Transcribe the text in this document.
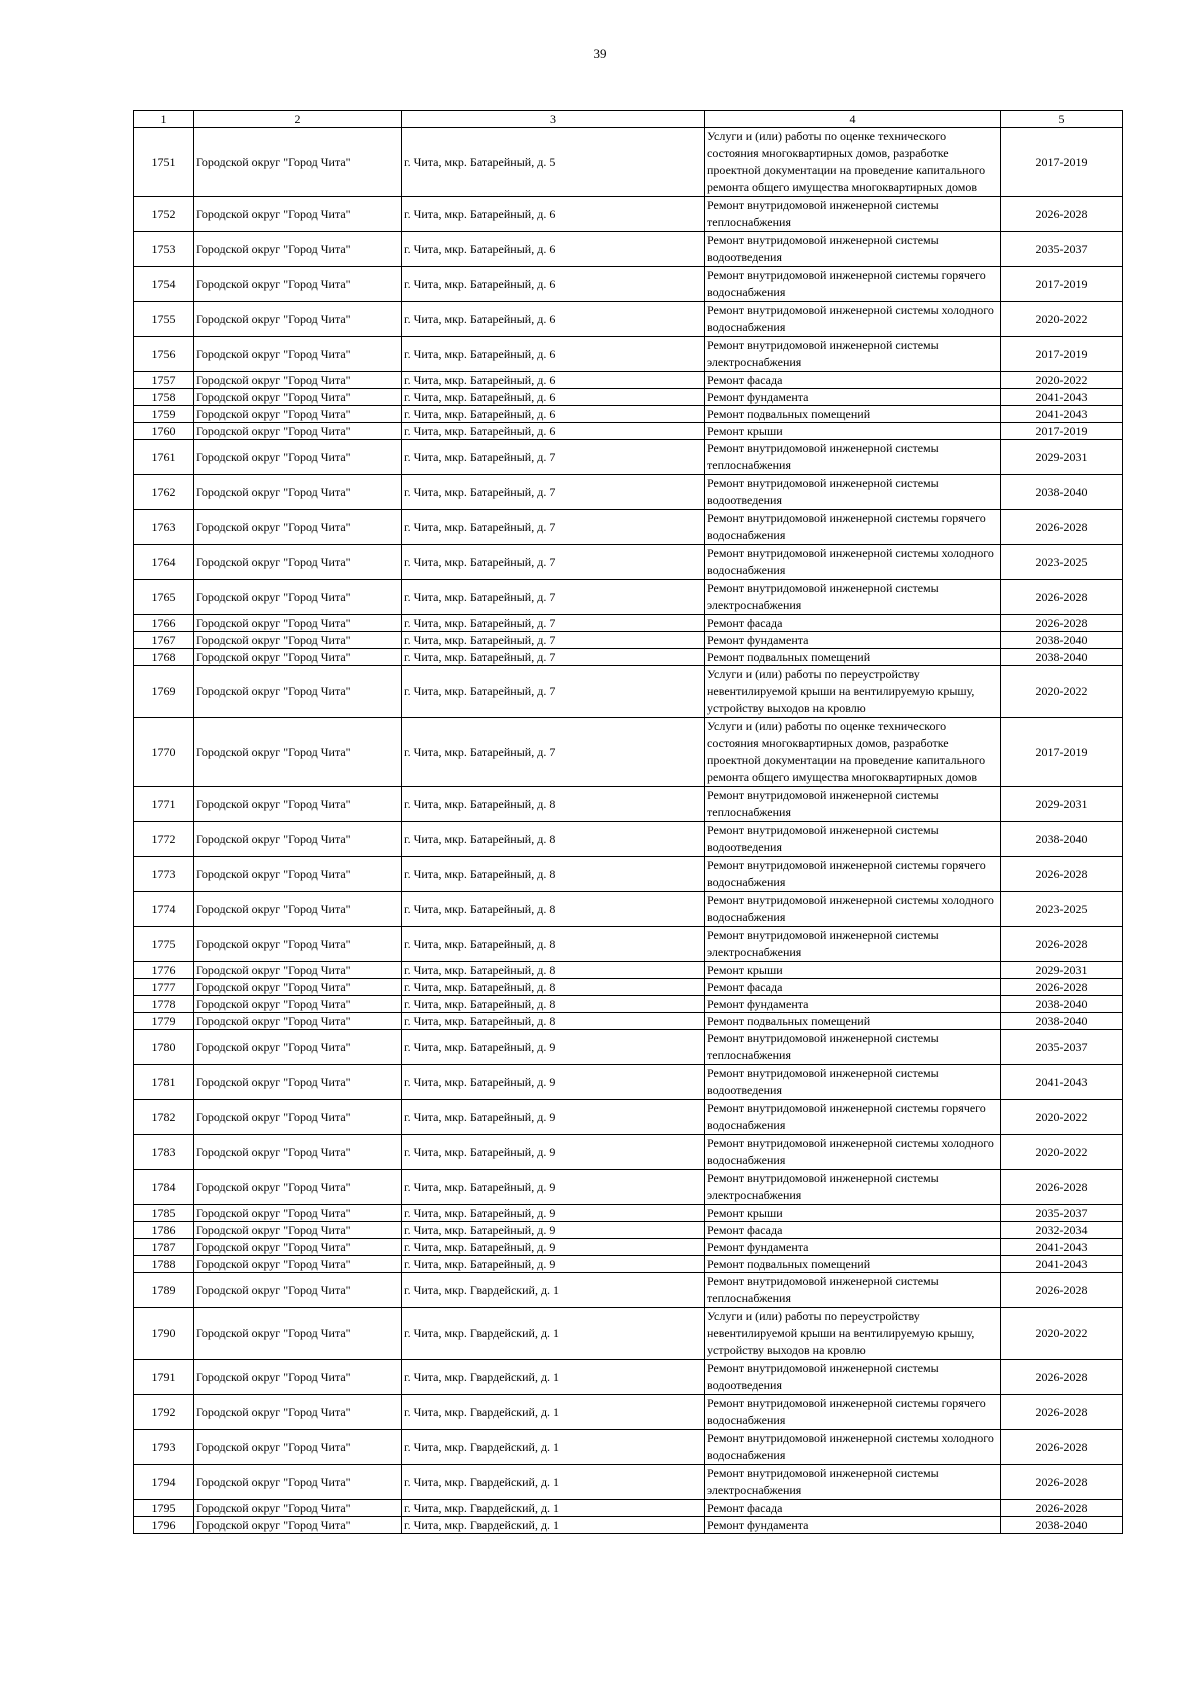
39
1	2	3	4	5
1751	Городской округ "Город Чита"	г. Чита, мкр. Батарейный, д. 5	Услуги и (или) работы по оценке технического состояния многоквартирных домов, разработке проектной документации на проведение капитального ремонта общего имущества многоквартирных домов	2017-2019
1752	Городской округ "Город Чита"	г. Чита, мкр. Батарейный, д. 6	Ремонт внутридомовой инженерной системы теплоснабжения	2026-2028
1753	Городской округ "Город Чита"	г. Чита, мкр. Батарейный, д. 6	Ремонт внутридомовой инженерной системы водоотведения	2035-2037
1754	Городской округ "Город Чита"	г. Чита, мкр. Батарейный, д. 6	Ремонт внутридомовой инженерной системы горячего водоснабжения	2017-2019
1755	Городской округ "Город Чита"	г. Чита, мкр. Батарейный, д. 6	Ремонт внутридомовой инженерной системы холодного водоснабжения	2020-2022
1756	Городской округ "Город Чита"	г. Чита, мкр. Батарейный, д. 6	Ремонт внутридомовой инженерной системы электроснабжения	2017-2019
1757	Городской округ "Город Чита"	г. Чита, мкр. Батарейный, д. 6	Ремонт фасада	2020-2022
1758	Городской округ "Город Чита"	г. Чита, мкр. Батарейный, д. 6	Ремонт фундамента	2041-2043
1759	Городской округ "Город Чита"	г. Чита, мкр. Батарейный, д. 6	Ремонт подвальных помещений	2041-2043
1760	Городской округ "Город Чита"	г. Чита, мкр. Батарейный, д. 6	Ремонт крыши	2017-2019
1761	Городской округ "Город Чита"	г. Чита, мкр. Батарейный, д. 7	Ремонт внутридомовой инженерной системы теплоснабжения	2029-2031
1762	Городской округ "Город Чита"	г. Чита, мкр. Батарейный, д. 7	Ремонт внутридомовой инженерной системы водоотведения	2038-2040
1763	Городской округ "Город Чита"	г. Чита, мкр. Батарейный, д. 7	Ремонт внутридомовой инженерной системы горячего водоснабжения	2026-2028
1764	Городской округ "Город Чита"	г. Чита, мкр. Батарейный, д. 7	Ремонт внутридомовой инженерной системы холодного водоснабжения	2023-2025
1765	Городской округ "Город Чита"	г. Чита, мкр. Батарейный, д. 7	Ремонт внутридомовой инженерной системы электроснабжения	2026-2028
1766	Городской округ "Город Чита"	г. Чита, мкр. Батарейный, д. 7	Ремонт фасада	2026-2028
1767	Городской округ "Город Чита"	г. Чита, мкр. Батарейный, д. 7	Ремонт фундамента	2038-2040
1768	Городской округ "Город Чита"	г. Чита, мкр. Батарейный, д. 7	Ремонт подвальных помещений	2038-2040
1769	Городской округ "Город Чита"	г. Чита, мкр. Батарейный, д. 7	Услуги и (или) работы по переустройству невентилируемой крыши на вентилируемую крышу, устройству выходов на кровлю	2020-2022
1770	Городской округ "Город Чита"	г. Чита, мкр. Батарейный, д. 7	Услуги и (или) работы по оценке технического состояния многоквартирных домов, разработке проектной документации на проведение капитального ремонта общего имущества многоквартирных домов	2017-2019
1771	Городской округ "Город Чита"	г. Чита, мкр. Батарейный, д. 8	Ремонт внутридомовой инженерной системы теплоснабжения	2029-2031
1772	Городской округ "Город Чита"	г. Чита, мкр. Батарейный, д. 8	Ремонт внутридомовой инженерной системы водоотведения	2038-2040
1773	Городской округ "Город Чита"	г. Чита, мкр. Батарейный, д. 8	Ремонт внутридомовой инженерной системы горячего водоснабжения	2026-2028
1774	Городской округ "Город Чита"	г. Чита, мкр. Батарейный, д. 8	Ремонт внутридомовой инженерной системы холодного водоснабжения	2023-2025
1775	Городской округ "Город Чита"	г. Чита, мкр. Батарейный, д. 8	Ремонт внутридомовой инженерной системы электроснабжения	2026-2028
1776	Городской округ "Город Чита"	г. Чита, мкр. Батарейный, д. 8	Ремонт крыши	2029-2031
1777	Городской округ "Город Чита"	г. Чита, мкр. Батарейный, д. 8	Ремонт фасада	2026-2028
1778	Городской округ "Город Чита"	г. Чита, мкр. Батарейный, д. 8	Ремонт фундамента	2038-2040
1779	Городской округ "Город Чита"	г. Чита, мкр. Батарейный, д. 8	Ремонт подвальных помещений	2038-2040
1780	Городской округ "Город Чита"	г. Чита, мкр. Батарейный, д. 9	Ремонт внутридомовой инженерной системы теплоснабжения	2035-2037
1781	Городской округ "Город Чита"	г. Чита, мкр. Батарейный, д. 9	Ремонт внутридомовой инженерной системы водоотведения	2041-2043
1782	Городской округ "Город Чита"	г. Чита, мкр. Батарейный, д. 9	Ремонт внутридомовой инженерной системы горячего водоснабжения	2020-2022
1783	Городской округ "Город Чита"	г. Чита, мкр. Батарейный, д. 9	Ремонт внутридомовой инженерной системы холодного водоснабжения	2020-2022
1784	Городской округ "Город Чита"	г. Чита, мкр. Батарейный, д. 9	Ремонт внутридомовой инженерной системы электроснабжения	2026-2028
1785	Городской округ "Город Чита"	г. Чита, мкр. Батарейный, д. 9	Ремонт крыши	2035-2037
1786	Городской округ "Город Чита"	г. Чита, мкр. Батарейный, д. 9	Ремонт фасада	2032-2034
1787	Городской округ "Город Чита"	г. Чита, мкр. Батарейный, д. 9	Ремонт фундамента	2041-2043
1788	Городской округ "Город Чита"	г. Чита, мкр. Батарейный, д. 9	Ремонт подвальных помещений	2041-2043
1789	Городской округ "Город Чита"	г. Чита, мкр. Гвардейский, д. 1	Ремонт внутридомовой инженерной системы теплоснабжения	2026-2028
1790	Городской округ "Город Чита"	г. Чита, мкр. Гвардейский, д. 1	Услуги и (или) работы по переустройству невентилируемой крыши на вентилируемую крышу, устройству выходов на кровлю	2020-2022
1791	Городской округ "Город Чита"	г. Чита, мкр. Гвардейский, д. 1	Ремонт внутридомовой инженерной системы водоотведения	2026-2028
1792	Городской округ "Город Чита"	г. Чита, мкр. Гвардейский, д. 1	Ремонт внутридомовой инженерной системы горячего водоснабжения	2026-2028
1793	Городской округ "Город Чита"	г. Чита, мкр. Гвардейский, д. 1	Ремонт внутридомовой инженерной системы холодного водоснабжения	2026-2028
1794	Городской округ "Город Чита"	г. Чита, мкр. Гвардейский, д. 1	Ремонт внутридомовой инженерной системы электроснабжения	2026-2028
1795	Городской округ "Город Чита"	г. Чита, мкр. Гвардейский, д. 1	Ремонт фасада	2026-2028
1796	Городской округ "Город Чита"	г. Чита, мкр. Гвардейский, д. 1	Ремонт фундамента	2038-2040
